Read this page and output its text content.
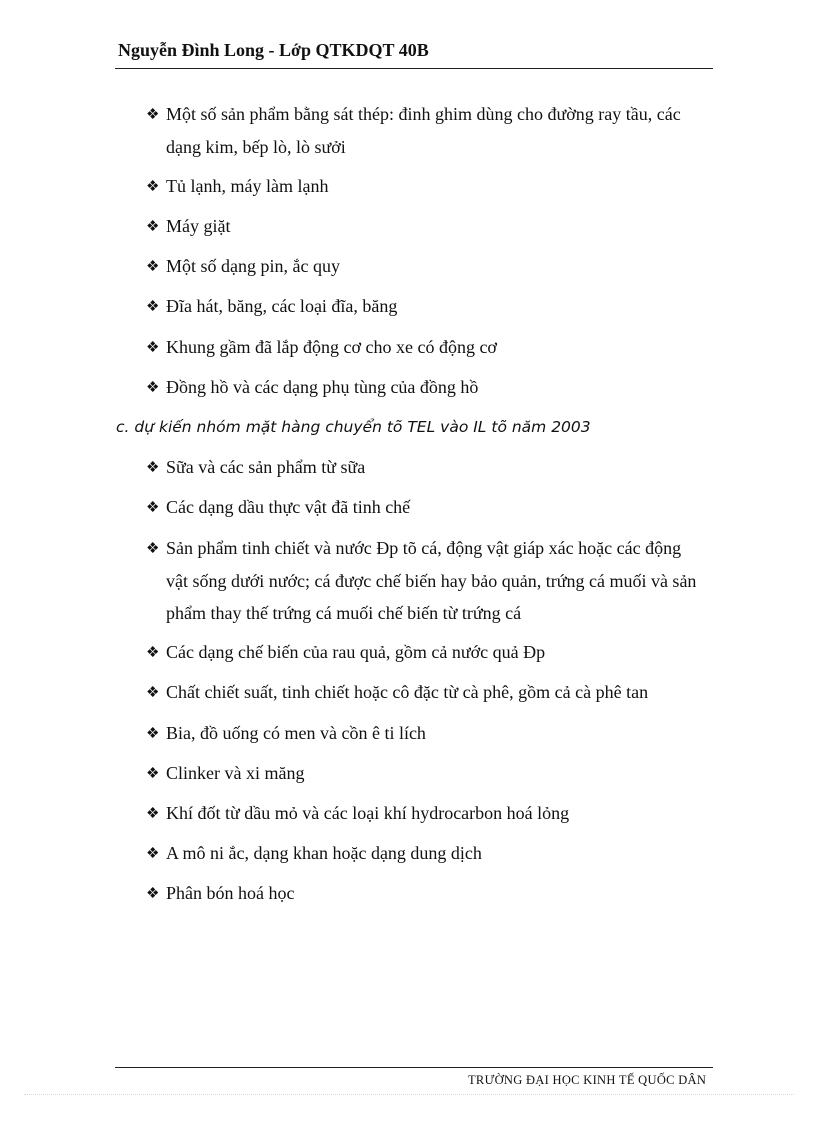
Nguyễn Đình Long - Lớp QTKDQT 40B
❖ Một số sản phẩm bằng sát thép: đinh ghim dùng cho đường ray tầu, các
dạng kim, bếp lò, lò sưởi
❖ Tủ lạnh, máy làm lạnh
❖ Máy giặt
❖ Một số dạng pin, ắc quy
❖ Đĩa hát, băng, các loại đĩa, băng
❖ Khung gầm đã lắp động cơ cho xe có động cơ
❖ Đồng hồ và các dạng phụ tùng của đồng hồ
c. dự kiến nhóm mặt hàng chuyển tõ TEL vào IL tõ năm 2003
❖ Sữa và các sản phẩm từ sữa
❖ Các dạng dầu thực vật đã tinh chế
❖ Sản phẩm tinh chiết và nước Ðp tõ cá, động vật giáp xác hoặc các động
vật sống dưới nước; cá được chế biến hay bảo quản, trứng cá muối và sản
phẩm thay thế trứng cá muối chế biến từ trứng cá
❖ Các dạng chế biến của rau quả, gồm cả nước quả Ðp
❖ Chất chiết suất, tinh chiết hoặc cô đặc từ cà phê, gồm cả cà phê tan
❖ Bia, đồ uống có men và cồn ê ti lích
❖ Clinker và xi măng
❖ Khí đốt từ dầu mỏ và các loại khí hydrocarbon hoá lỏng
❖ A mô ni ắc, dạng khan hoặc dạng dung dịch
❖ Phân bón hoá học
TRƯỜNG ĐẠI HỌC KINH TẾ QUỐC DÂN
